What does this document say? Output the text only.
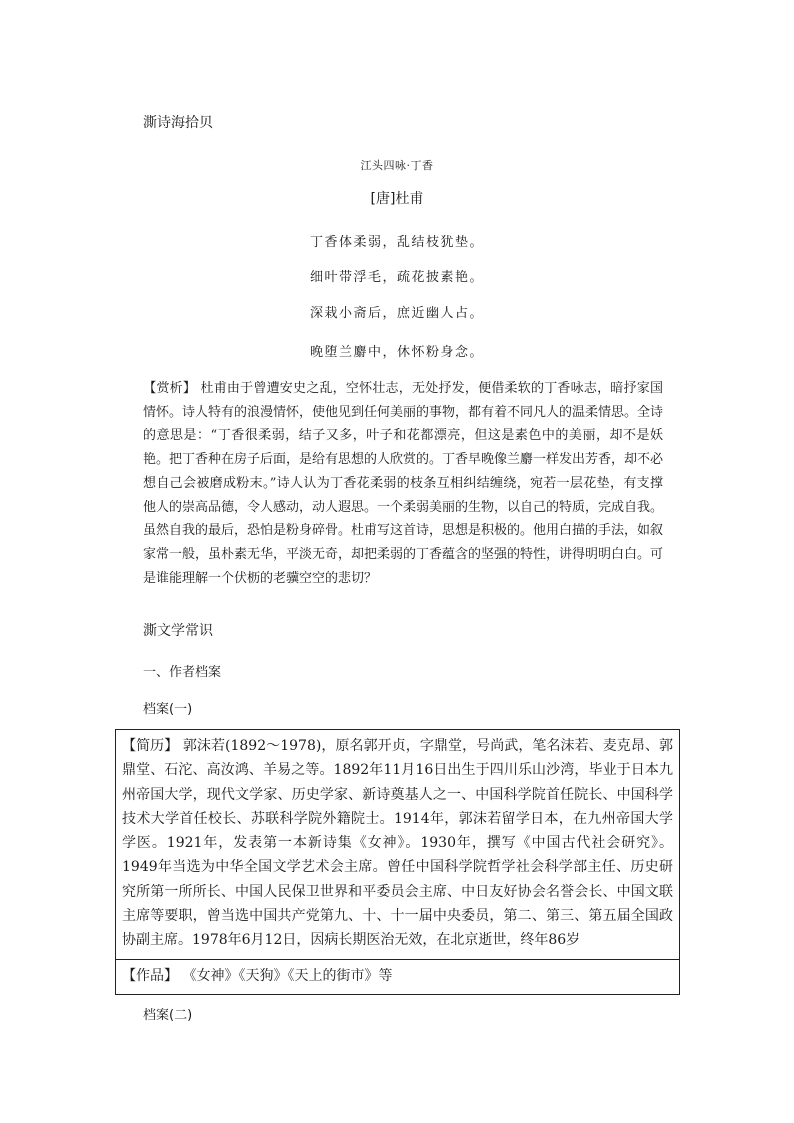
澌诗海拾贝
江头四咏·丁香
[唐]杜甫
丁香体柔弱，乱结枝犹垫。
细叶带浮毛，疏花披素艳。
深栽小斋后，庶近幽人占。
晚堕兰麝中，休怀粉身念。
【赏析】 杜甫由于曾遭安史之乱，空怀壮志，无处抒发，便借柔软的丁香咏志，暗抒家国情怀。诗人特有的浪漫情怀，使他见到任何美丽的事物，都有着不同凡人的温柔情思。全诗的意思是：“丁香很柔弱，结子又多，叶子和花都漂亮，但这是素色中的美丽，却不是妖艳。把丁香种在房子后面，是给有思想的人欣赏的。丁香早晚像兰麝一样发出芳香，却不必想自己会被磨成粉末。”诗人认为丁香花柔弱的枝条互相纠结缠绕，宛若一层花垫，有支撑他人的崇高品德，令人感动，动人遐思。一个柔弱美丽的生物，以自己的特质，完成自我。虽然自我的最后，恐怕是粉身碎骨。杜甫写这首诗，思想是积极的。他用白描的手法，如叙家常一般，虽朴素无华，平淡无奇，却把柔弱的丁香蕴含的坚强的特性，讲得明明白白。可是谁能理解一个伏枥的老骥空空的悲切？
澌文学常识
一、作者档案
档案(一)
【简历】 郭沫若(1892～1978)，原名郭开贞，字鼎堂，号尚武，笔名沫若、麦克昂、郭鼎堂、石沱、高汝鸿、羊易之等。1892年11月16日出生于四川乐山沙湾，毕业于日本九州帝国大学，现代文学家、历史学家、新诗奠基人之一、中国科学院首任院长、中国科学技术大学首任校长、苏联科学院外籍院士。1914年，郭沫若留学日本，在九州帝国大学学医。1921年，发表第一本新诗集《女神》。1930年，撰写《中国古代社会研究》。1949年当选为中华全国文学艺术会主席。曾任中国科学院哲学社会科学部主任、历史研究所第一所所长、中国人民保卫世界和平委员会主席、中日友好协会名誉会长、中国文联主席等要职，曾当选中国共产党第九、十、十一届中央委员，第二、第三、第五届全国政协副主席。1978年6月12日，因病长期医治无效，在北京逝世，终年86岁
【作品】 《女神》《天狗》《天上的街市》等
档案(二)
